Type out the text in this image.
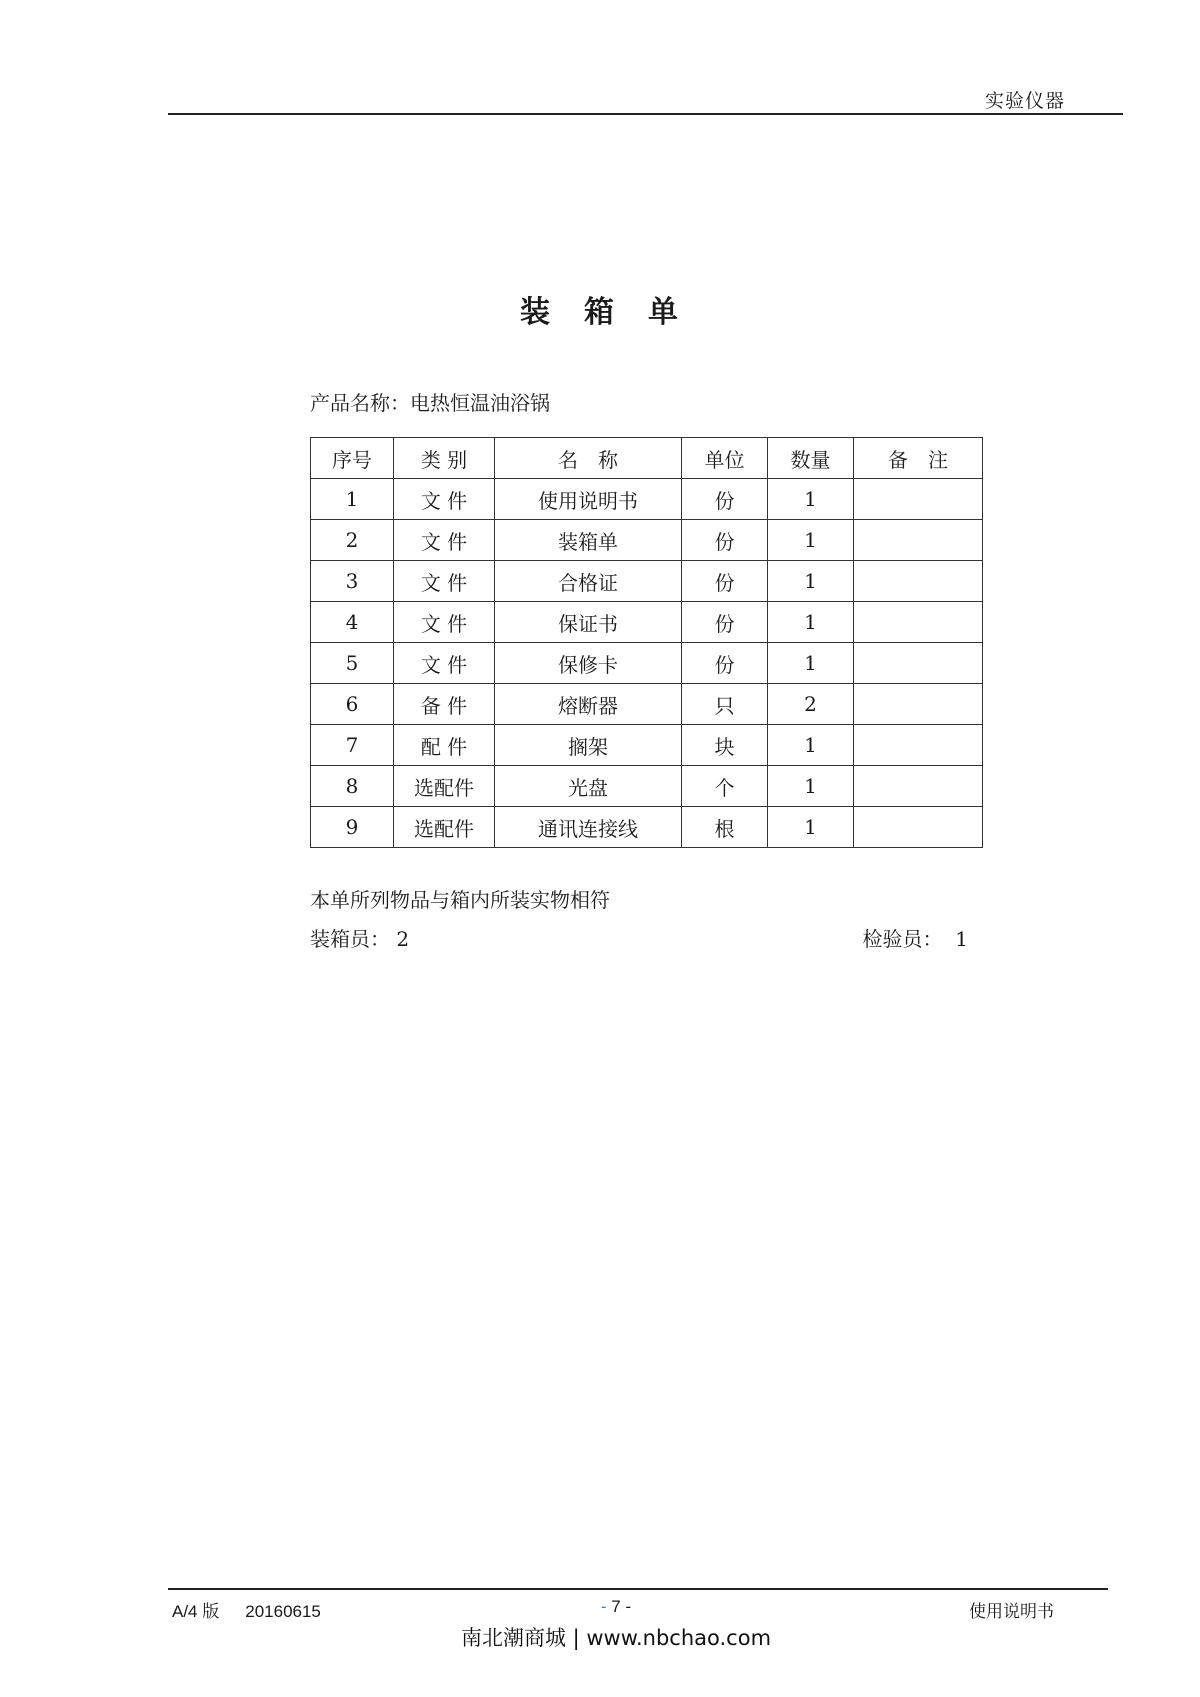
实验仪器
装　箱　单
产品名称：电热恒温油浴锅
序号	类 别	名　称	单位	数量	备　注
1	文 件	使用说明书	份	1	
2	文 件	装箱单	份	1	
3	文 件	合格证	份	1	
4	文 件	保证书	份	1	
5	文 件	保修卡	份	1	
6	备 件	熔断器	只	2	
7	配 件	搁架	块	1	
8	选配件	光盘	个	1	
9	选配件	通讯连接线	根	1	
本单所列物品与箱内所装实物相符
装箱员： 2	检验员： 1
A/4 版 20160615	- 7 -	使用说明书
南北潮商城 | www.nbchao.com
